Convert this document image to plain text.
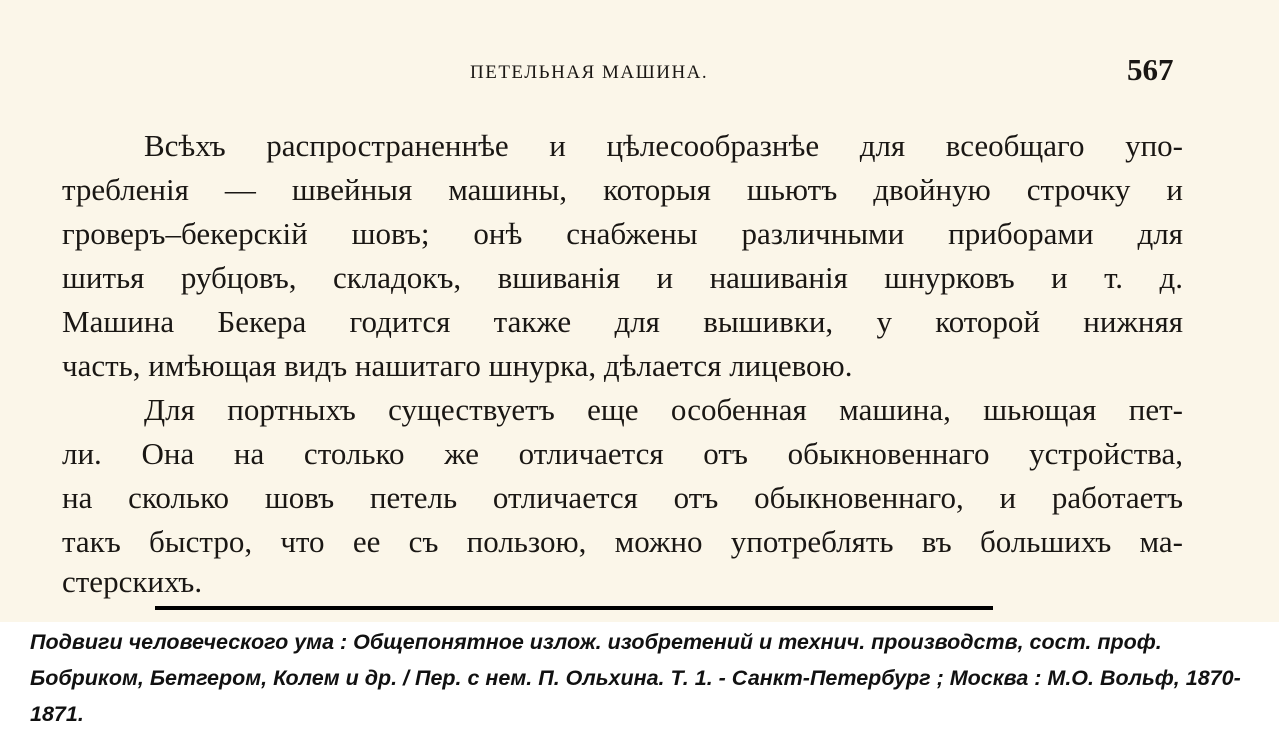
ПЕТЕЛЬНАЯ МАШИНА.	567
Всѣхъ распространеннѣе и цѣлесообразнѣе для всеобщаго упо-
требленія — швейныя машины, которыя шьютъ двойную строчку и
гроверъ–бекерскій шовъ; онѣ снабжены различными приборами для
шитья рубцовъ, складокъ, вшиванія и нашиванія шнурковъ и т. д.
Машина Бекера годится также для вышивки, у которой нижняя
часть, имѣющая видъ нашитаго шнурка, дѣлается лицевою.
Для портныхъ существуетъ еще особенная машина, шьющая пет-
ли. Она на столько же отличается отъ обыкновеннаго устройства,
на сколько шовъ петель отличается отъ обыкновеннаго, и работаетъ
такъ быстро, что ее съ пользою, можно употреблять въ большихъ ма-
стерскихъ.
Подвиги человеческого ума : Общепонятное излож. изобретений и технич. производств, сост. проф. Бобриком, Бетгером, Колем и др. / Пер. с нем. П. Ольхина. Т. 1. - Санкт-Петербург ; Москва : М.О. Вольф, 1870-1871.
